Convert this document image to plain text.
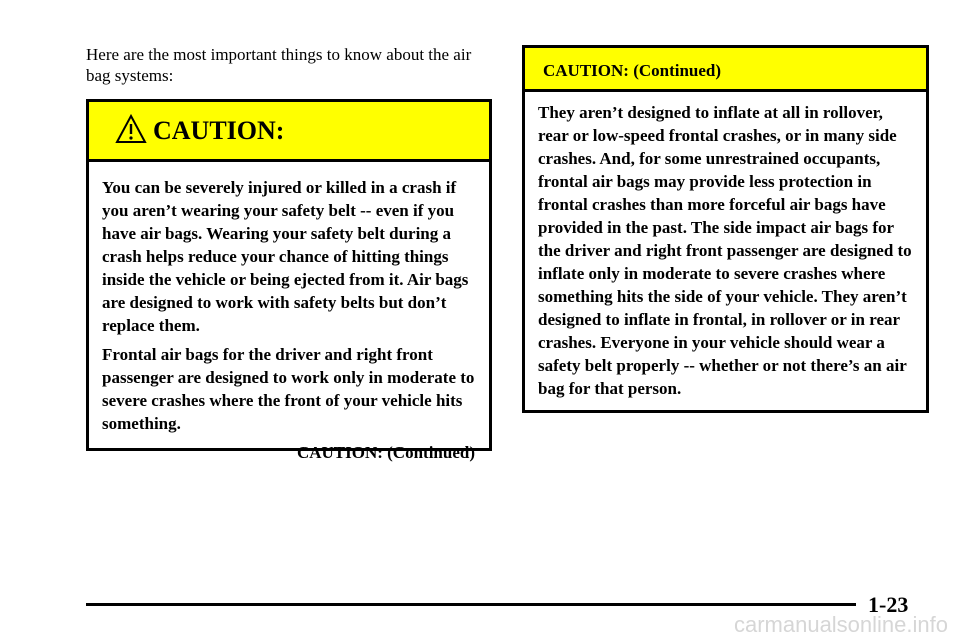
Here are the most important things to know about the air bag systems:
CAUTION:

You can be severely injured or killed in a crash if you aren’t wearing your safety belt -- even if you have air bags. Wearing your safety belt during a crash helps reduce your chance of hitting things inside the vehicle or being ejected from it. Air bags are designed to work with safety belts but don’t replace them.

Frontal air bags for the driver and right front passenger are designed to work only in moderate to severe crashes where the front of your vehicle hits something.

CAUTION: (Continued)
CAUTION: (Continued)

They aren’t designed to inflate at all in rollover, rear or low-speed frontal crashes, or in many side crashes. And, for some unrestrained occupants, frontal air bags may provide less protection in frontal crashes than more forceful air bags have provided in the past. The side impact air bags for the driver and right front passenger are designed to inflate only in moderate to severe crashes where something hits the side of your vehicle. They aren’t designed to inflate in frontal, in rollover or in rear crashes. Everyone in your vehicle should wear a safety belt properly -- whether or not there’s an air bag for that person.

1-23
carmanualsonline.info
